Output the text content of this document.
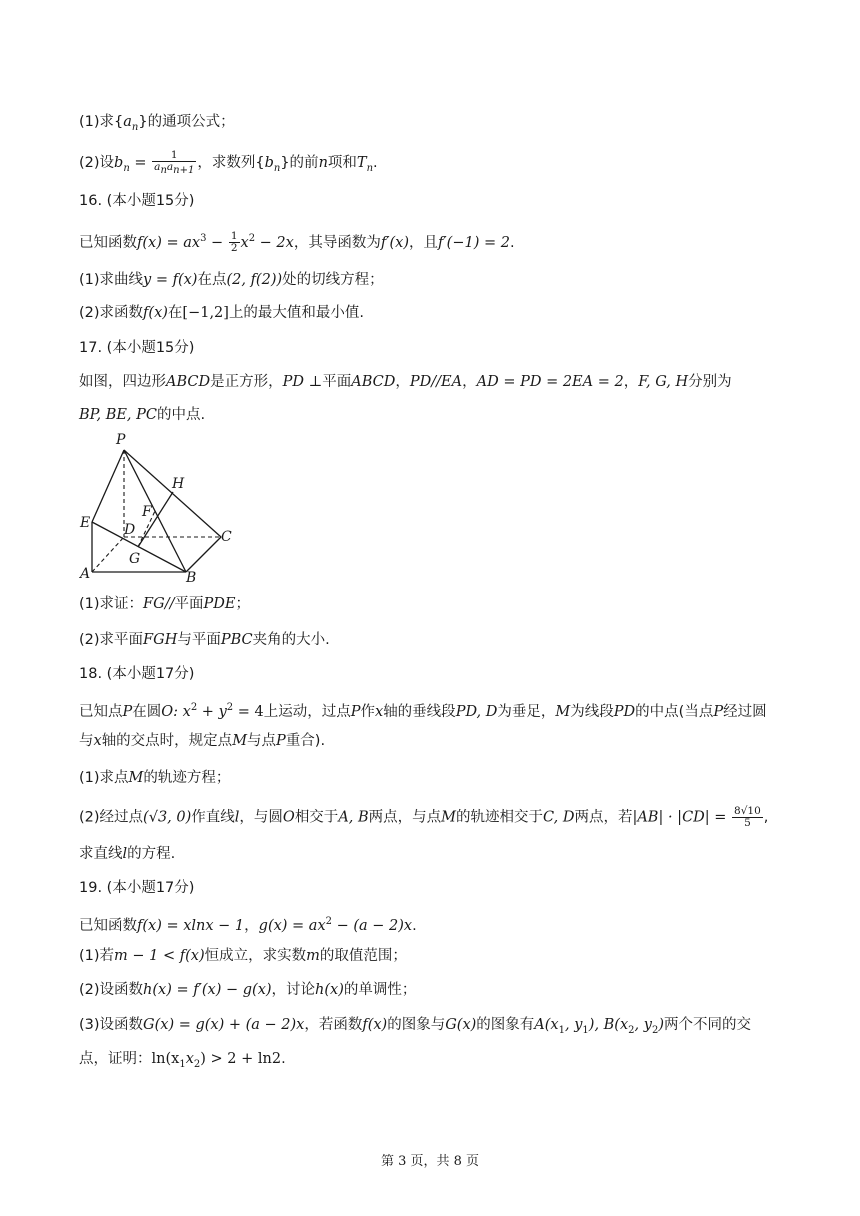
(1)求$\{a_n\}$的通项公式；
(2)设$b_n = \frac{1}{a_na_{n+1}}$ ，求数列$\{b_n\}$的前n项和$T_n$.
16. (本小题15分)
已知函数$f(x) = ax^3 - \frac{1}{2} x^2 - 2x$，其导函数为f′(x)，且f′(−1) = 2.
(1)求曲线y = f(x)在点(2, f(2))处的切线方程；
(2)求函数f(x)在[−1,2]上的最大值和最小值.
17. (本小题15分)
如图，四边形ABCD是正方形，PD ⊥平面ABCD，PD//EA，AD = PD = 2EA = 2，F, G, H分别为
BP, BE, PC的中点.
P
H
F
E D	C
G
A	B
(1)求证：FG//平面PDE；
(2)求平面FGH与平面PBC夹角的大小.
18. (本小题17分)
已知点P在圆O: $x^2 + y^2 = 4$上运动，过点P作x轴的垂线段PD, D为垂足，M为线段PD的中点(当点P经过圆
与x轴的交点时，规定点M与点P重合).
(1)求点M的轨迹方程；
(2)经过点(√3, 0)作直线l，与圆O相交于A, B两点，与点M的轨迹相交于C, D两点，若$|AB| \cdot |CD| = \frac{8√10}{5}$ ,
求直线l的方程.
19. (本小题17分)
已知函数f(x) = xlnx − 1，$g(x) = ax^2 - (a - 2)x$.
(1)若m − 1 < f(x)恒成立，求实数m的取值范围；
(2)设函数h(x) = f′(x) − g(x)，讨论h(x)的单调性；
(3)设函数G(x) = g(x) + (a − 2)x，若函数f(x)的图象与G(x)的图象有$A(x_1$, $y_1$), $B(x_2$, $y_2$)两个不同的交
点，证明：$\ln(x_1x_2) > 2 + \ln 2$.
第 3 页，共 8 页
